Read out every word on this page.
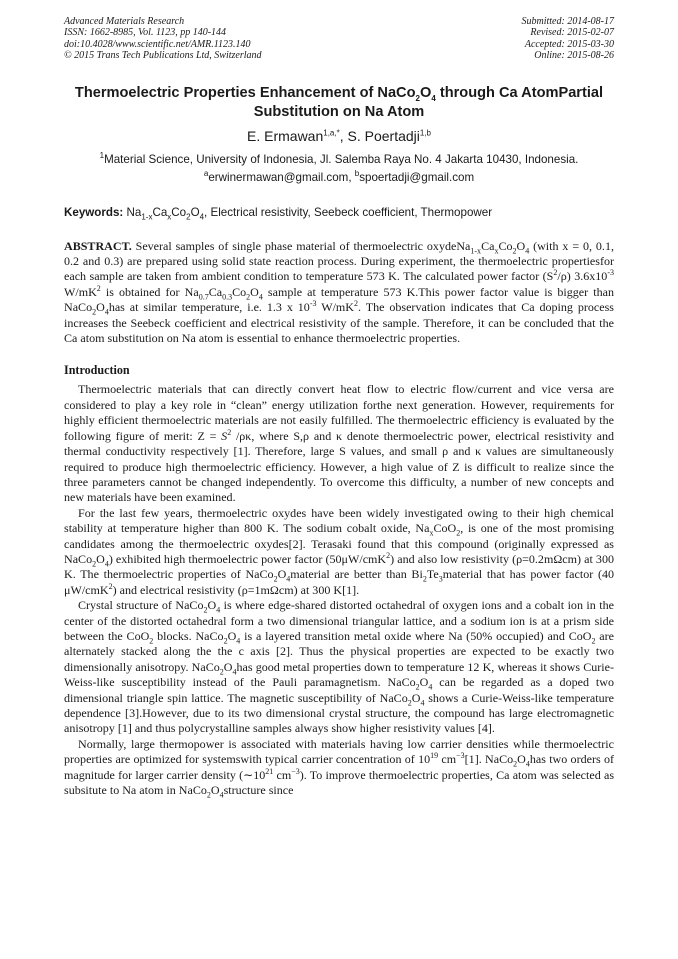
Advanced Materials Research
ISSN: 1662-8985, Vol. 1123, pp 140-144
doi:10.4028/www.scientific.net/AMR.1123.140
© 2015 Trans Tech Publications Ltd, Switzerland
Submitted: 2014-08-17
Revised: 2015-02-07
Accepted: 2015-03-30
Online: 2015-08-26
Thermoelectric Properties Enhancement of $NaCo_2O_4$ through Ca AtomPartial Substitution on Na Atom
E. Ermawan$^{1,a,*}$, S. Poertadji$^{1,b}$
$^1$Material Science, University of Indonesia, Jl. Salemba Raya No. 4 Jakarta 10430, Indonesia.
$^a$erwinermawan@gmail.com, $^b$spoertadji@gmail.com
Keywords: $Na_{1-x}Ca_xCo_2O_4$, Electrical resistivity, Seebeck coefficient, Thermopower
ABSTRACT. Several samples of single phase material of thermoelectric $oxydeNa_{1-x}Ca_xCo_2O_4$ (with x = 0, 0.1, 0.2 and 0.3) are prepared using solid state reaction process. During experiment, the thermoelectric propertiesfor each sample are taken from ambient condition to temperature 573 K. The calculated power factor $(S^2/\rho)$ $3.6x10^{-3}$ $W/mK^2$ is obtained for $Na_{0.7}Ca_{0.3}Co_2O_4$ sample at temperature 573 K.This power factor value is bigger than $NaCo_2O_4has$ at similar temperature, i.e. 1.3 x $10^{-3}$ $W/mK^2$. The observation indicates that Ca doping process increases the Seebeck coefficient and electrical resistivity of the sample. Therefore, it can be concluded that the Ca atom substitution on Na atom is essential to enhance thermoelectric properties.
Introduction

Thermoelectric materials that can directly convert heat flow to electric flow/current and vice versa are considered to play a key role in “clean” energy utilization forthe next generation. However, requirements for highly efficient thermoelectric materials are not easily fulfilled. The thermoelectric efficiency is evaluated by the following figure of merit: $Z = S^2$ /ρκ, where S,ρ and κ denote thermoelectric power, electrical resistivity and thermal conductivity respectively [1]. Therefore, large S values, and small ρ and κ values are simultaneously required to produce high thermoelectric efficiency. However, a high value of Z is difficult to realize since the three parameters cannot be changed independently. To overcome this difficulty, a number of new concepts and new materials have been examined.

For the last few years, thermoelectric oxydes have been widely investigated owing to their high chemical stability at temperature higher than 800 K. The sodium cobalt oxide, $Na_xCoO_2$, is one of the most promising candidates among the thermoelectric oxydes[2]. Terasaki found that this compound (originally expressed as $NaCo_2O_4$) exhibited high thermoelectric power factor (50μW/cmK$^2$) and also low resistivity (ρ=0.2mΩcm) at 300 K. The thermoelectric properties of $NaCo_2O_4material$ are better than $Bi_2Te_3material$ that has power factor (40 μW/cmK$^2$) and electrical resistivity (ρ=1mΩcm) at 300 K[1].

Crystal structure of $NaCo_2O_4$ is where edge-shared distorted octahedral of oxygen ions and a cobalt ion in the center of the distorted octahedral form a two dimensional triangular lattice, and a sodium ion is at a prism side between the CoO$_2$ blocks. $NaCo_2O_4$ is a layered transition metal oxide where Na (50% occupied) and CoO$_2$ are alternately stacked along the the c axis [2]. Thus the physical properties are expected to be exactly two dimensionally anisotropy. $NaCo_2O_4has$ good metal properties down to temperature 12 K, whereas it shows Curie-Weiss-like susceptibility instead of the Pauli paramagnetism. $NaCo_2O_4$ can be regarded as a doped two dimensional triangle spin lattice. The magnetic susceptibility of $NaCo_2O_4$ shows a Curie-Weiss-like temperature dependence [3].However, due to its two dimensional crystal structure, the compound has large electromagnetic anisotropy [1] and thus polycrystalline samples always show higher resistivity values [4].

Normally, large thermopower is associated with materials having low carrier densities while thermoelectric properties are optimized for systemswith typical carrier concentration of $10^{19}$ $cm^{-3}[1]$. $NaCo_2O_4has$ two orders of magnitude for larger carrier density ($\sim 10^{21}$ $cm^{-3}$). To improve thermoelectric properties, Ca atom was selected as subsitute to Na atom in $NaCo_2O_4structure$ since
